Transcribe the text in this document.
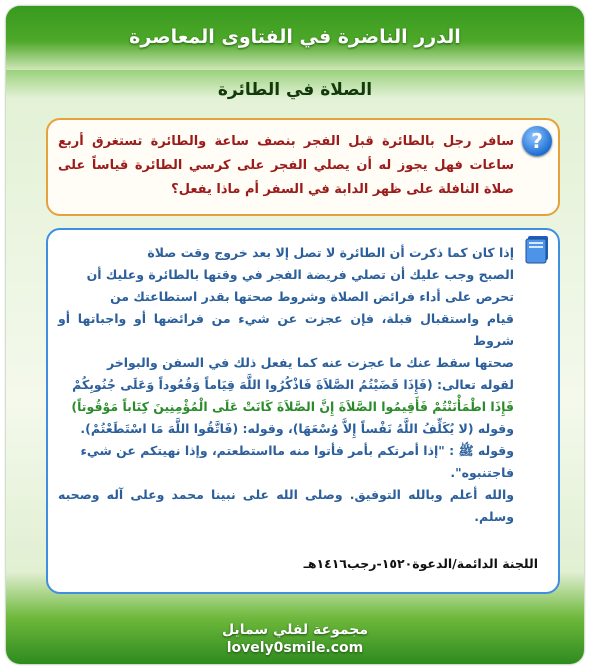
الدرر الناضرة في الفتاوى المعاصرة
الصلاة في الطائرة
?
سافر رجل بالطائرة قبل الفجر بنصف ساعة والطائرة تستغرق أربع ساعات فهل يجوز له أن يصلي الفجر على كرسي الطائرة قياساً على صلاة النافلة على ظهر الدابة في السفر أم ماذا يفعل؟
إذا كان كما ذكرت أن الطائرة لا تصل إلا بعد خروج وقت صلاة
الصبح وجب عليك أن تصلي فريضة الفجر في وقتها بالطائرة وعليك أن
تحرص على أداء فرائض الصلاة وشروط صحتها بقدر استطاعتك من
قيام واستقبال قبلة، فإن عجزت عن شيء من فرائضها أو واجباتها أو شروط
صحتها سقط عنك ما عجزت عنه كما يفعل ذلك في السفن والبواخر
لقوله تعالى: (فَإِذَا قَضَيْتُمُ الصَّلاَةَ فَاذْكُرُوا اللَّهَ قِيَاماً وَقُعُوداً وَعَلَى جُنُوبِكُمْ
فَإِذَا اطْمَأْنَنْتُمْ فَأَقِيمُوا الصَّلاَةَ إِنَّ الصَّلاَةَ كَانَتْ عَلَى الْمُؤْمِنِينَ كِتَاباً مَوْقُوتاً)
وقوله (لا يُكَلِّفُ اللَّهُ نَفْساً إِلاَّ وُسْعَهَا)، وقوله: (فَاتَّقُوا اللَّهَ مَا اسْتَطَعْتُمْ).
وقوله ﷺ : "إذا أمرتكم بأمر فأتوا منه مااستطعتم، وإذا نهيتكم عن شيء
فاجتنبوه".
والله أعلم وبالله التوفيق. وصلى الله على نبينا محمد وعلى آله وصحبه وسلم.
اللجنة الدائمة/الدعوة١٥٢٠-رجب١٤١٦هـ
مجموعة لفلي سمايل
lovely0smile.com
